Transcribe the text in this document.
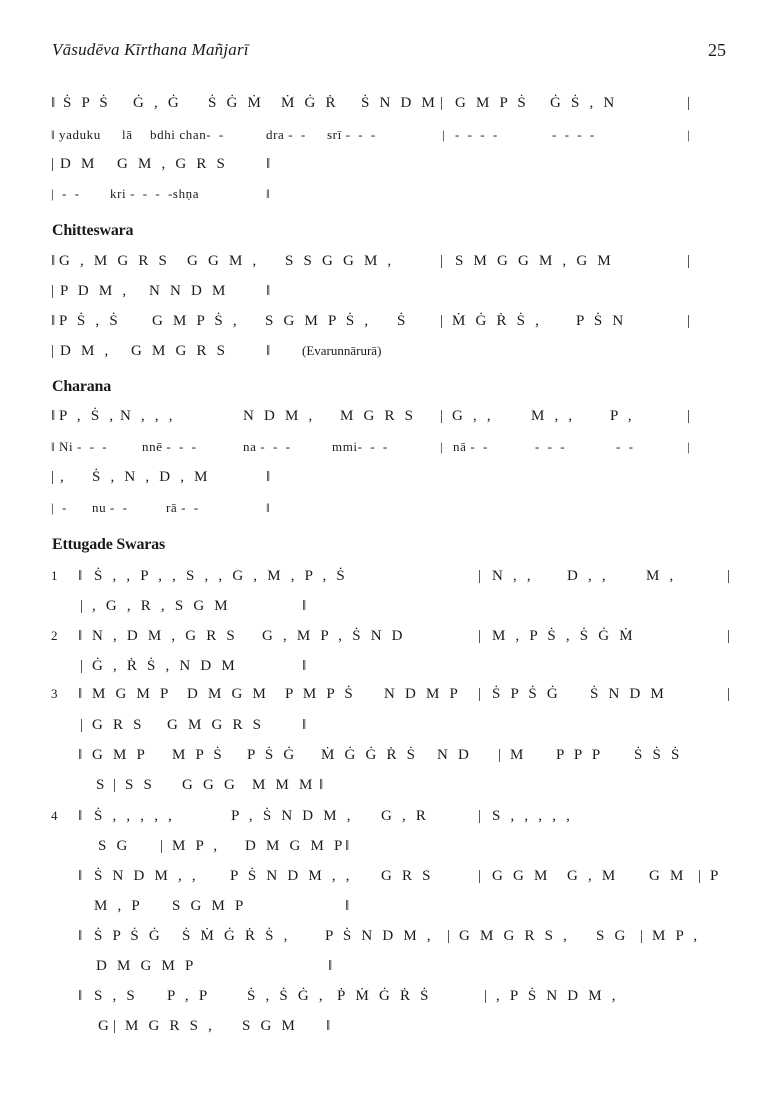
Vāsudēva Kīrthana Mañjarī	25
Chitteswara
Charana
Ettugade Swaras
‖ Ṡ P Ṡ Ġ , Ġ Ṡ Ġ Ṁ Ṁ Ġ Ṙ Ṡ N D M | G M P Ṡ Ġ Ṡ , N	|
‖ yaduku lā bdhi chan-  -	dra -  - srī -  -  -	| -  -  -  -	-  -  -  -	|
| D M G M , G R S	‖
| -  - kri -  -  -  -shṇa	‖
‖ G , M G R S G G M , S S G G M ,	| S M G G M , G M	|
| P D M , N N D M	‖
‖ P Ṡ , Ṡ G M P Ṡ , S G M P Ṡ , Ṡ | Ṁ Ġ Ṙ Ṡ , P Ṡ N	|
| D M , G M G R S	‖ (Evarunnārurā)
‖ P , Ṡ , N , , ,	N D M , M G R S | G , , M , , P ,	|
‖ Ni -  -  -	nnē -  -  -	na -  -  -	mmi-  -  -	| nā -  -	-  -  -	-  -	|
| , Ṡ , N , D , M	‖
| - nu -  -	rā -  -	‖
1 ‖ Ṡ , , P , , S , , G , M , P , Ṡ	| N , , D , , M ,	|
| , G , R , S G M	‖
2 ‖ N , D M , G R S G , M P , Ṡ N D	| M , P Ṡ , Ṡ Ġ Ṁ	|
| Ġ , Ṙ Ṡ , N D M	‖
3 ‖ M G M P D M G M P M P Ṡ N D M P | Ṡ P Ṡ Ġ Ṡ N D M	|
| G R S G M G R S	‖
‖ G M P M P Ṡ P Ṡ Ġ Ṁ Ġ Ġ Ṙ Ṡ N D | M P P P Ṡ Ṡ Ṡ
S | S S G G G M M M ‖
4 ‖ Ṡ , , , , ,	P , Ṡ N D M , G , R	| S , , , , ,
S G | M P , D M G M P ‖
‖ Ṡ N D M , , P Ṡ N D M , , G R S	| G G M G , M G M | P
M , P S G M P	‖
‖ Ṡ P Ṡ Ġ Ṡ Ṁ Ġ Ṙ Ṡ , P Ṡ N D M , | G M G R S , S G | M P ,
D M G M P	‖
‖ S , S P , P Ṡ , Ṡ Ġ , Ṗ Ṁ Ġ Ṙ Ṡ	| , P Ṡ N D M ,
G | M G R S , S G M ‖
